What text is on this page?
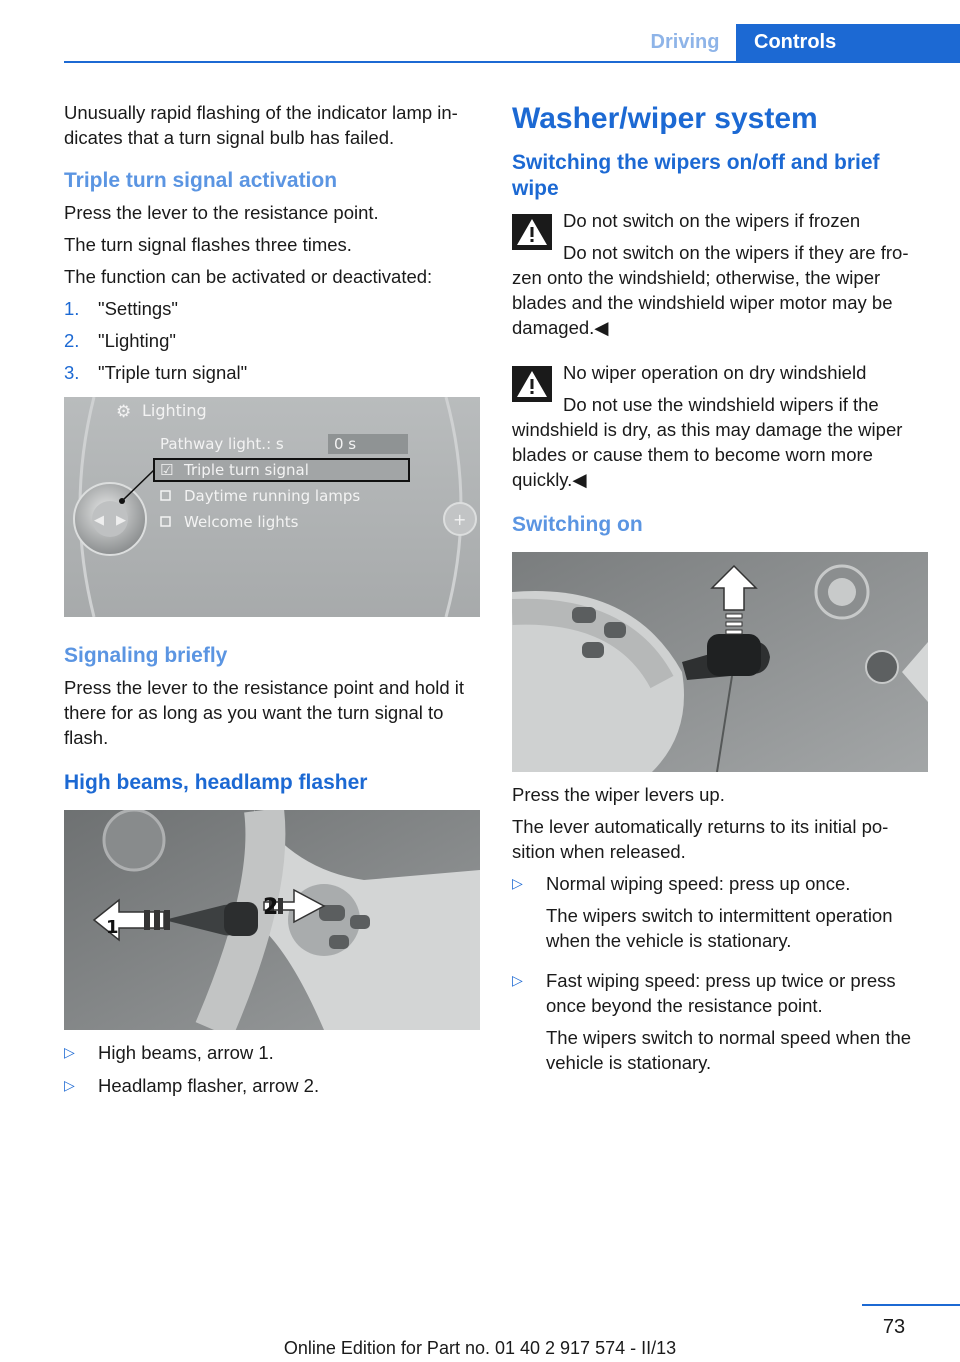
Driving	Controls

Unusually rapid flashing of the indicator lamp in-dicates that a turn signal bulb has failed.

Triple turn signal activation

Press the lever to the resistance point.

The turn signal flashes three times.

The function can be activated or deactivated:

1.	"Settings"
2.	"Lighting"
3.	"Triple turn signal"
◀ ▶	+
⚙ Lighting
Pathway light.: s	0 s
☑ Triple turn signal
Daytime running lamps
Welcome lights
Signaling briefly

Press the lever to the resistance point and hold it there for as long as you want the turn signal to flash.

High beams, headlamp flasher
1
2
▷	High beams, arrow 1.
▷	Headlamp flasher, arrow 2.
Washer/wiper system
Switching the wipers on/off and brief wipe
Do not switch on the wipers if frozen
Do not switch on the wipers if they are fro-
zen onto the windshield; otherwise, the wiper blades and the windshield wiper motor may be damaged.◀
No wiper operation on dry windshield
Do not use the windshield wipers if the
windshield is dry, as this may damage the wiper blades or cause them to become worn more quickly.◀
Switching on

Press the wiper levers up.

The lever automatically returns to its initial po-sition when released.

▷	Normal wiping speed: press up once.

The wipers switch to intermittent operation when the vehicle is stationary.

▷	Fast wiping speed: press up twice or press once beyond the resistance point.

The wipers switch to normal speed when the vehicle is stationary.

73
Online Edition for Part no. 01 40 2 917 574 - II/13
